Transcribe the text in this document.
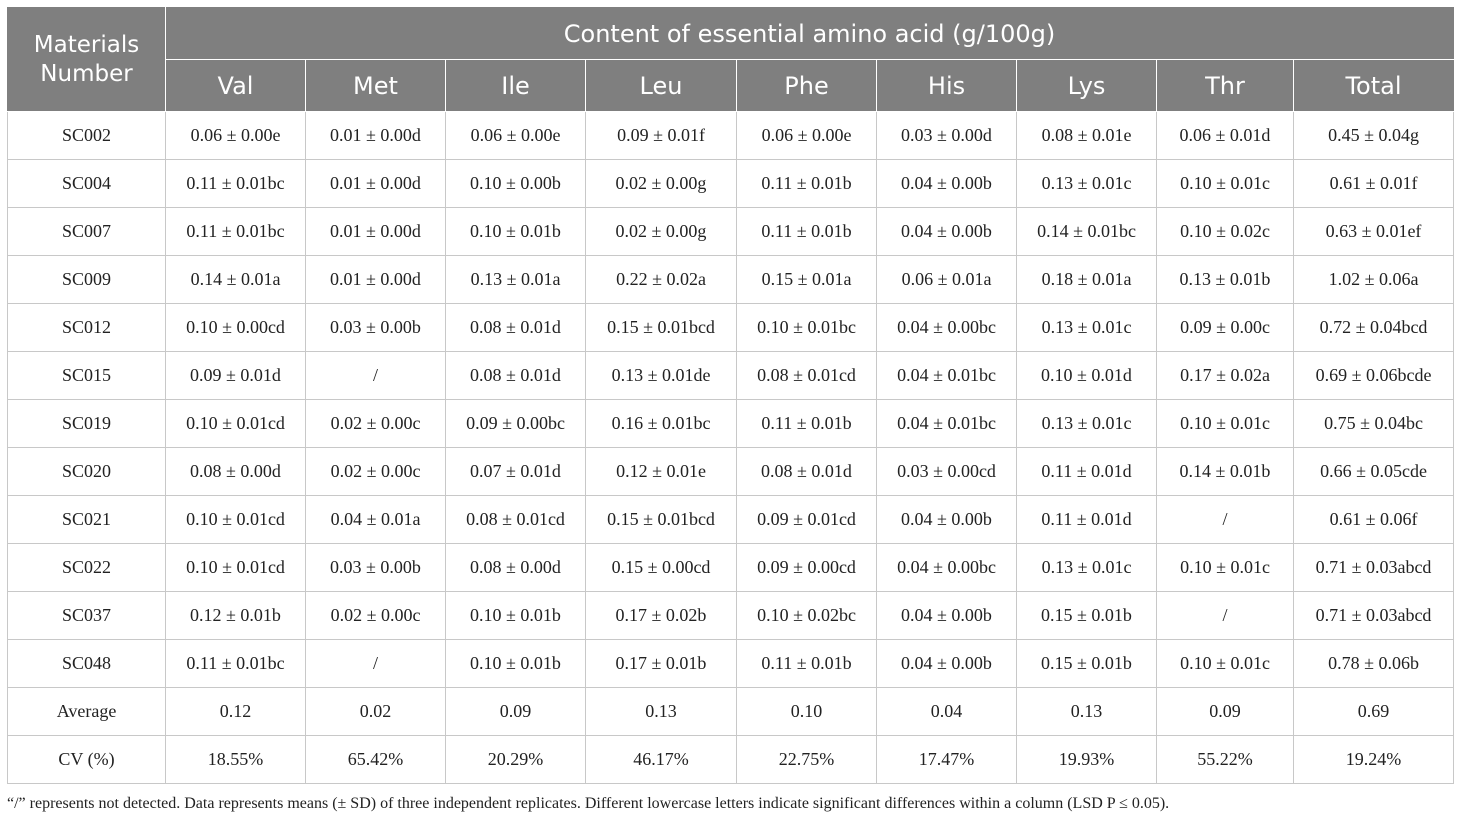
Materials Number	Content of essential amino acid (g/100g)								
	Val	Met	Ile	Leu	Phe	His	Lys	Thr	Total
SC002	0.06 ± 0.00e	0.01 ± 0.00d	0.06 ± 0.00e	0.09 ± 0.01f	0.06 ± 0.00e	0.03 ± 0.00d	0.08 ± 0.01e	0.06 ± 0.01d	0.45 ± 0.04g
SC004	0.11 ± 0.01bc	0.01 ± 0.00d	0.10 ± 0.00b	0.02 ± 0.00g	0.11 ± 0.01b	0.04 ± 0.00b	0.13 ± 0.01c	0.10 ± 0.01c	0.61 ± 0.01f
SC007	0.11 ± 0.01bc	0.01 ± 0.00d	0.10 ± 0.01b	0.02 ± 0.00g	0.11 ± 0.01b	0.04 ± 0.00b	0.14 ± 0.01bc	0.10 ± 0.02c	0.63 ± 0.01ef
SC009	0.14 ± 0.01a	0.01 ± 0.00d	0.13 ± 0.01a	0.22 ± 0.02a	0.15 ± 0.01a	0.06 ± 0.01a	0.18 ± 0.01a	0.13 ± 0.01b	1.02 ± 0.06a
SC012	0.10 ± 0.00cd	0.03 ± 0.00b	0.08 ± 0.01d	0.15 ± 0.01bcd	0.10 ± 0.01bc	0.04 ± 0.00bc	0.13 ± 0.01c	0.09 ± 0.00c	0.72 ± 0.04bcd
SC015	0.09 ± 0.01d	/	0.08 ± 0.01d	0.13 ± 0.01de	0.08 ± 0.01cd	0.04 ± 0.01bc	0.10 ± 0.01d	0.17 ± 0.02a	0.69 ± 0.06bcde
SC019	0.10 ± 0.01cd	0.02 ± 0.00c	0.09 ± 0.00bc	0.16 ± 0.01bc	0.11 ± 0.01b	0.04 ± 0.01bc	0.13 ± 0.01c	0.10 ± 0.01c	0.75 ± 0.04bc
SC020	0.08 ± 0.00d	0.02 ± 0.00c	0.07 ± 0.01d	0.12 ± 0.01e	0.08 ± 0.01d	0.03 ± 0.00cd	0.11 ± 0.01d	0.14 ± 0.01b	0.66 ± 0.05cde
SC021	0.10 ± 0.01cd	0.04 ± 0.01a	0.08 ± 0.01cd	0.15 ± 0.01bcd	0.09 ± 0.01cd	0.04 ± 0.00b	0.11 ± 0.01d	/	0.61 ± 0.06f
SC022	0.10 ± 0.01cd	0.03 ± 0.00b	0.08 ± 0.00d	0.15 ± 0.00cd	0.09 ± 0.00cd	0.04 ± 0.00bc	0.13 ± 0.01c	0.10 ± 0.01c	0.71 ± 0.03abcd
SC037	0.12 ± 0.01b	0.02 ± 0.00c	0.10 ± 0.01b	0.17 ± 0.02b	0.10 ± 0.02bc	0.04 ± 0.00b	0.15 ± 0.01b	/	0.71 ± 0.03abcd
SC048	0.11 ± 0.01bc	/	0.10 ± 0.01b	0.17 ± 0.01b	0.11 ± 0.01b	0.04 ± 0.00b	0.15 ± 0.01b	0.10 ± 0.01c	0.78 ± 0.06b
Average	0.12	0.02	0.09	0.13	0.10	0.04	0.13	0.09	0.69
CV (%)	18.55%	65.42%	20.29%	46.17%	22.75%	17.47%	19.93%	55.22%	19.24%
“/” represents not detected. Data represents means (± SD) of three independent replicates. Different lowercase letters indicate significant differences within a column (LSD P ≤ 0.05).
